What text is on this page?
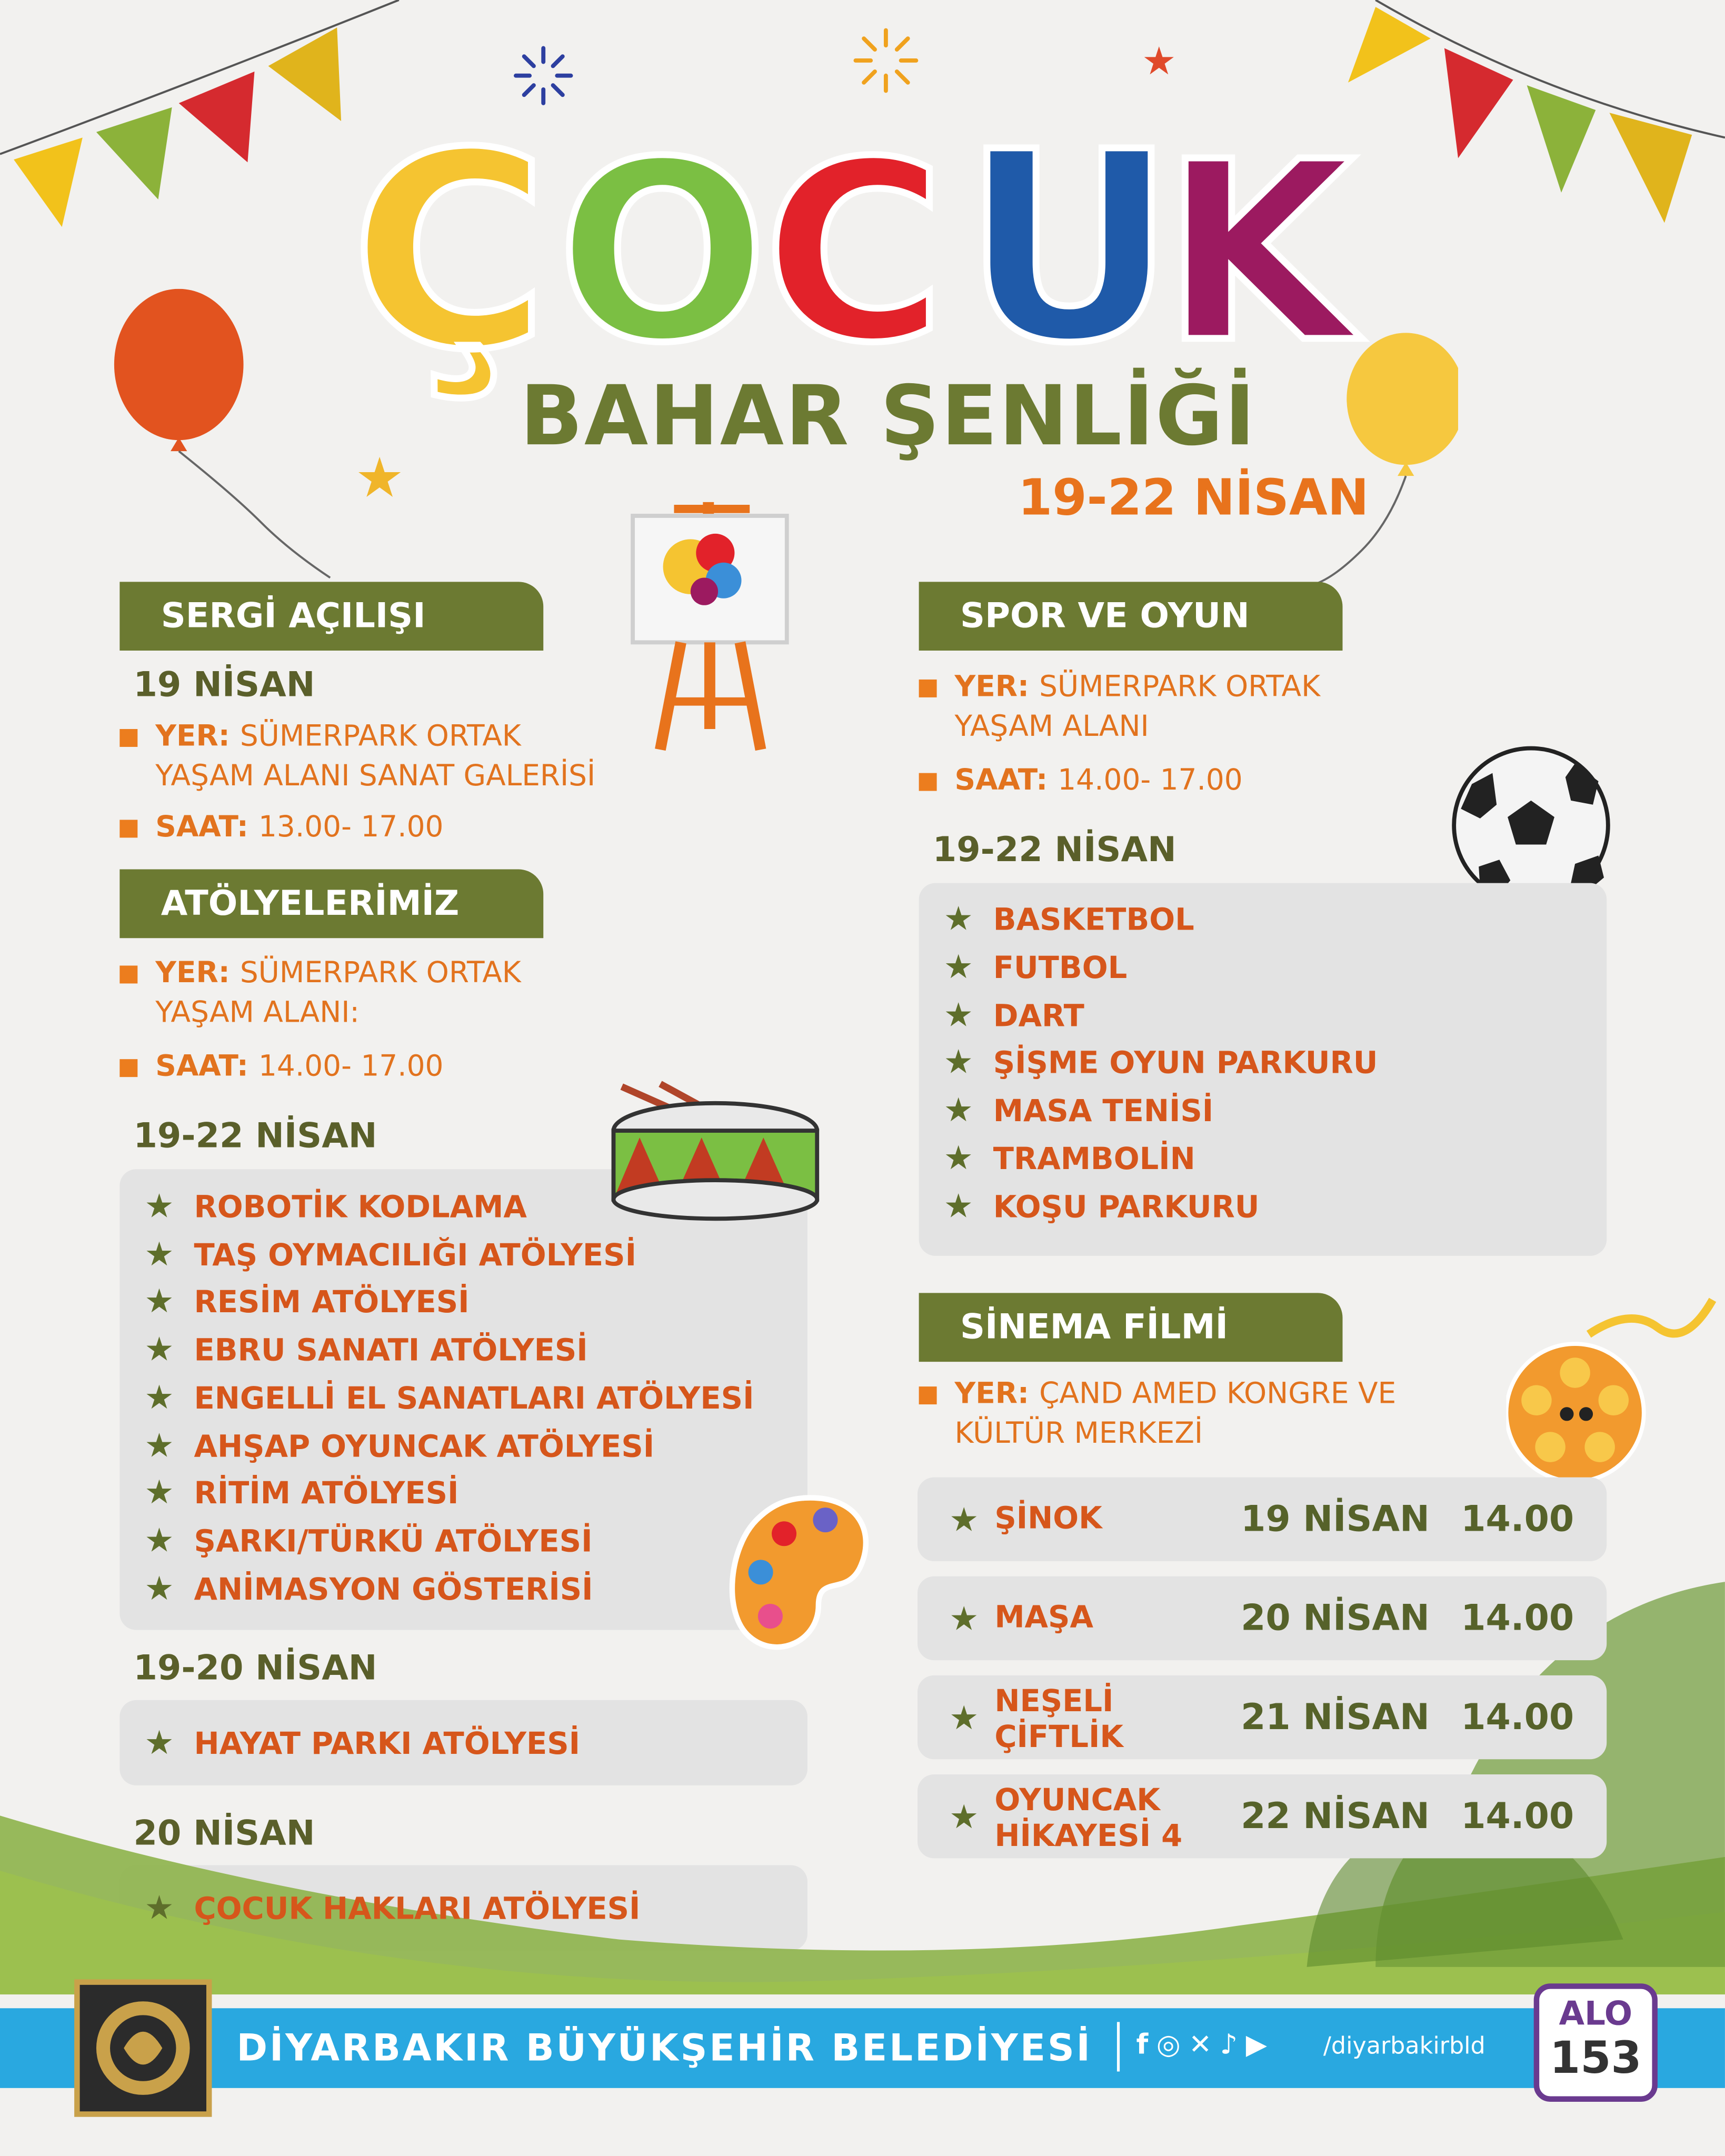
★
★
Ç O
C U
K
BAHAR ŞENLİĞİ
19-22 NİSAN
SERGİ AÇILIŞI
19 NİSAN
YER: SÜMERPARK ORTAK
YAŞAM ALANI SANAT GALERİSİ
SAAT: 13.00- 17.00
ATÖLYELERİMİZ
YER: SÜMERPARK ORTAK
YAŞAM ALANI:
SAAT: 14.00- 17.00
19-22 NİSAN
19-20 NİSAN
20 NİSAN
SPOR VE OYUN
YER: SÜMERPARK ORTAK
YAŞAM ALANI
SAAT: 14.00- 17.00
19-22 NİSAN
SİNEMA FİLMİ
YER: ÇAND AMED KONGRE VE
KÜLTÜR MERKEZİ
DİYARBAKIR BÜYÜKŞEHİR BELEDİYESİ	f ◎ ✕ ♪ ▶	/diyarbakirbld
ALO
153
★ ROBOTİK KODLAMA
★ TAŞ OYMACILIĞI ATÖLYESİ
★ RESİM ATÖLYESİ
★ EBRU SANATI ATÖLYESİ
★ ENGELLİ EL SANATLARI ATÖLYESİ
★ AHŞAP OYUNCAK ATÖLYESİ
★ RİTİM ATÖLYESİ
★ ŞARKI/TÜRKÜ ATÖLYESİ
★ ANİMASYON GÖSTERİSİ
★ HAYAT PARKI ATÖLYESİ
★ ÇOCUK HAKLARI ATÖLYESİ
★ BASKETBOL
★ FUTBOL
★ DART
★ ŞİŞME OYUN PARKURU
★ MASA TENİSİ
★ TRAMBOLİN
★ KOŞU PARKURU
★ ŞİNOK	19 NİSAN 14.00
★ MAŞA	20 NİSAN 14.00
★ NEŞELİ
ÇİFTLİK	21 NİSAN 14.00
★ OYUNCAK
HİKAYESİ 4	22 NİSAN 14.00
